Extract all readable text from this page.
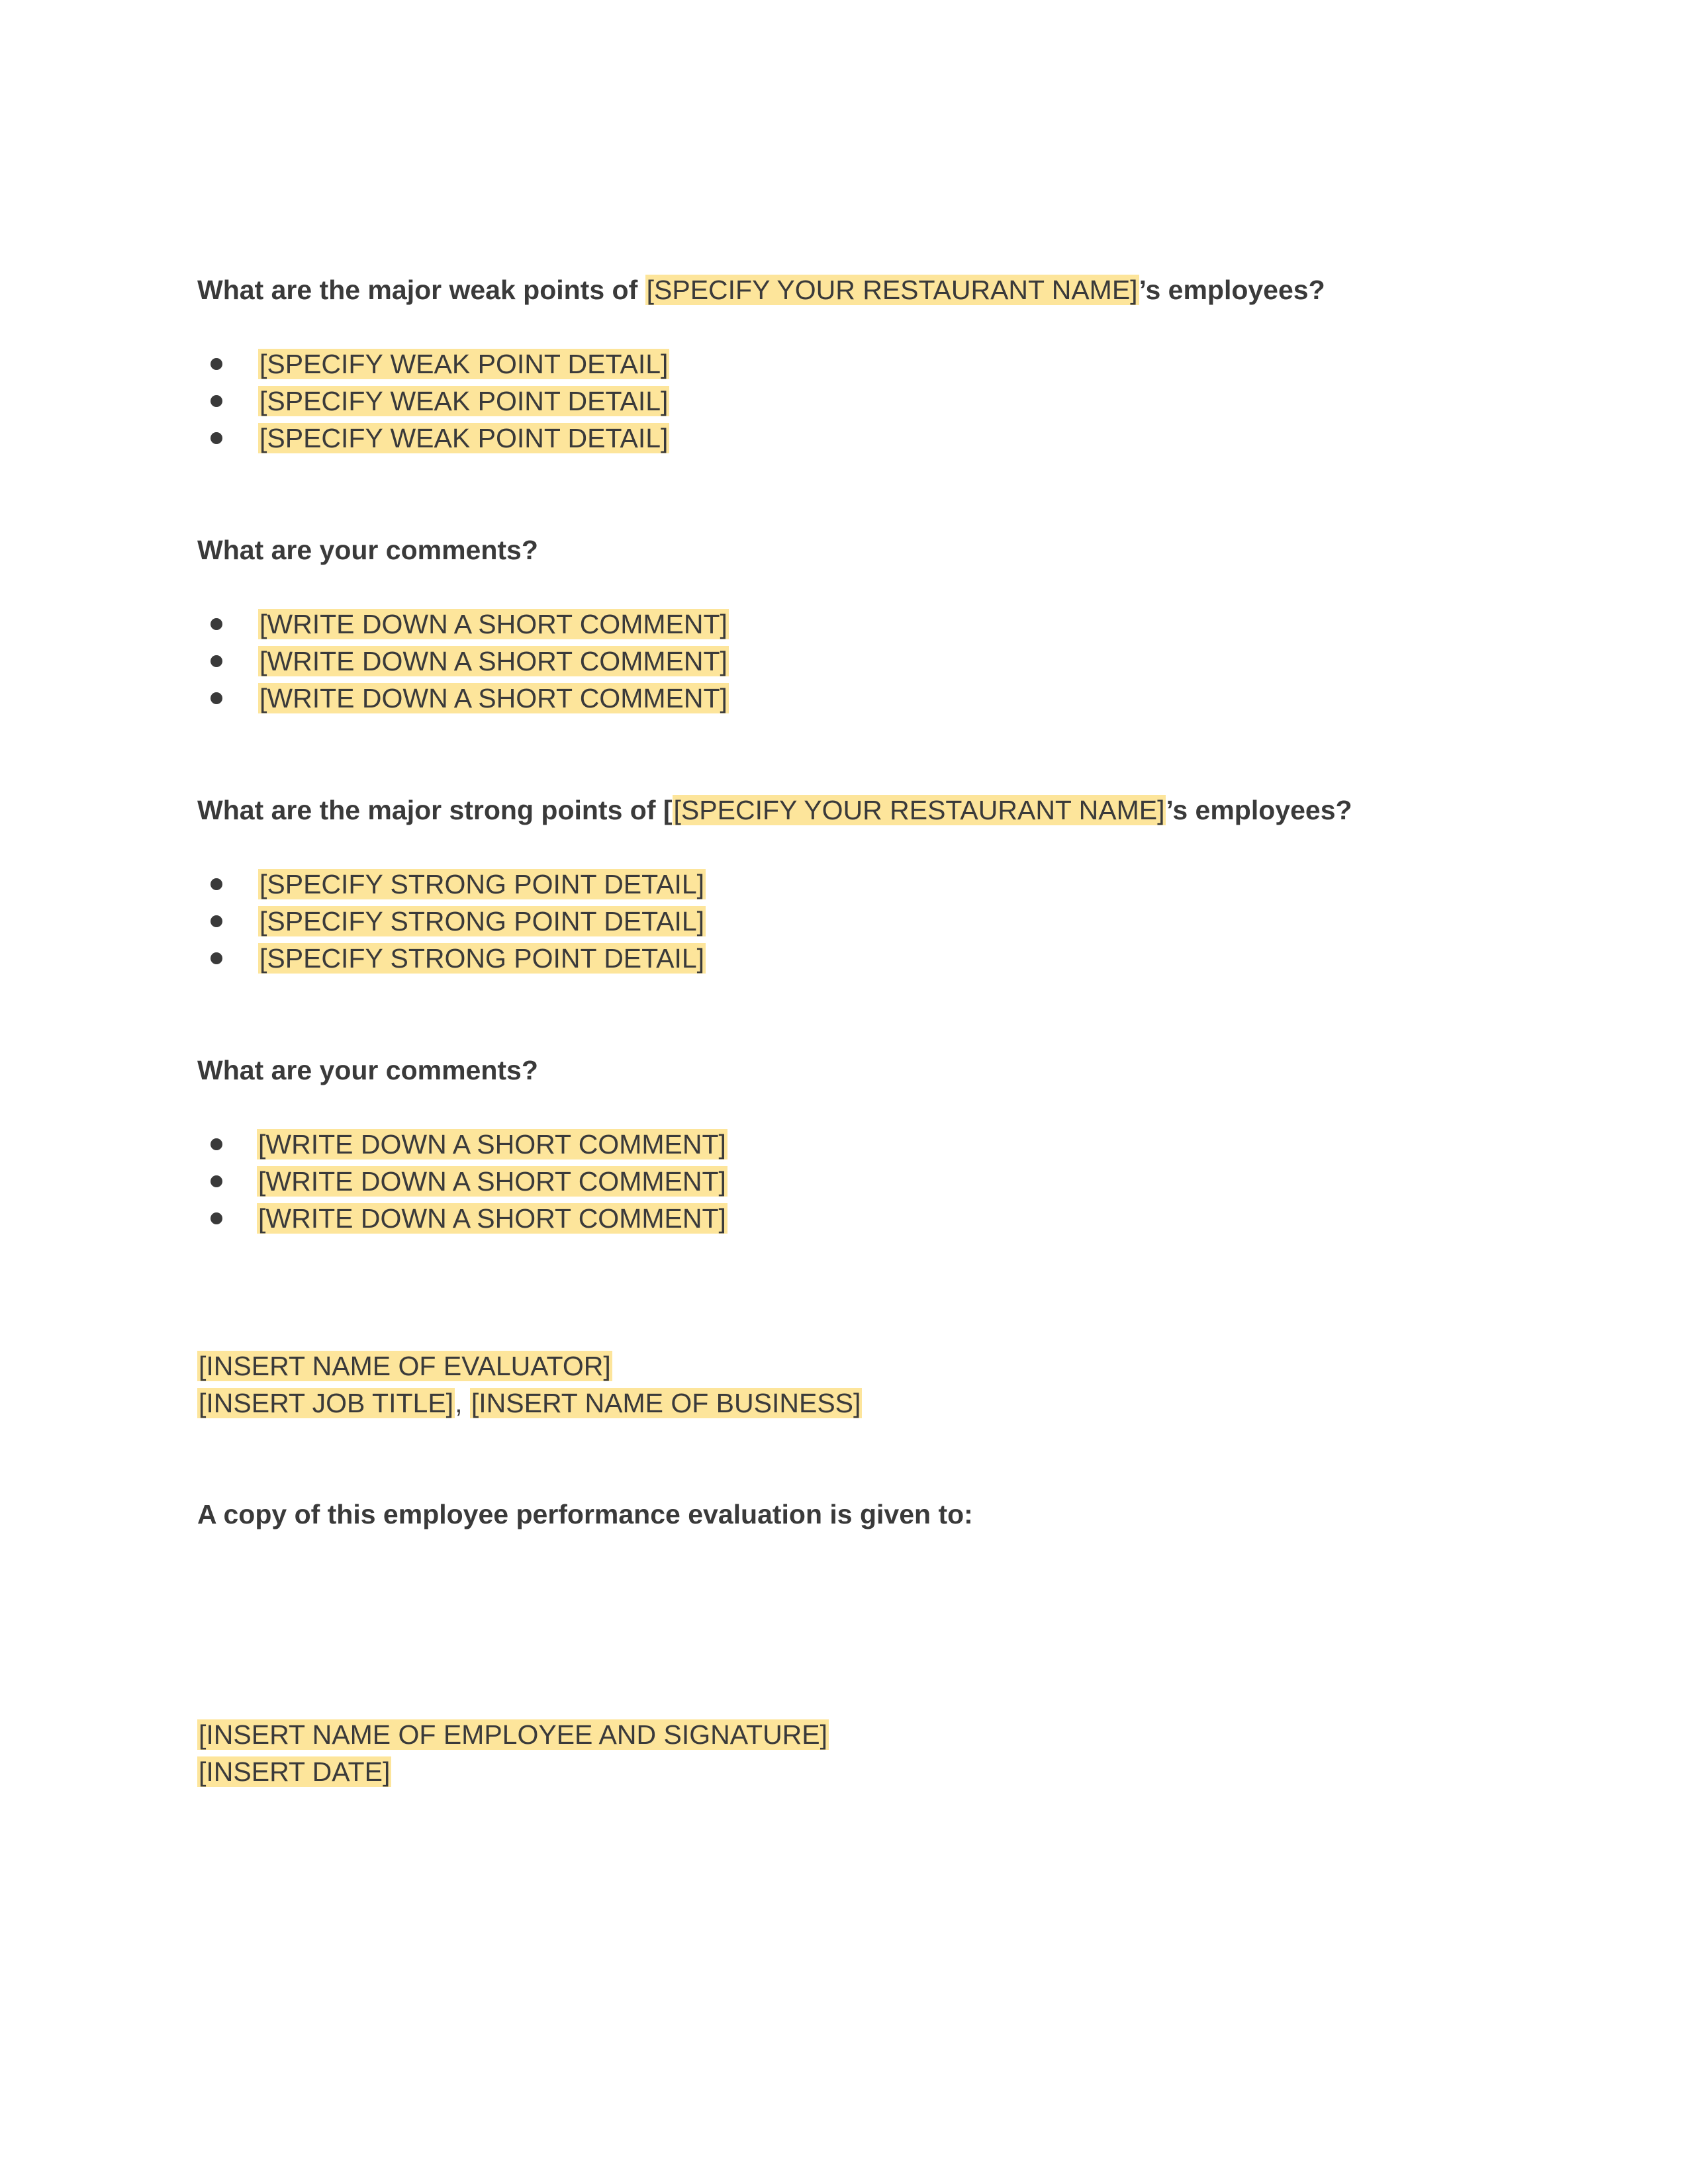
What are the major weak points of [SPECIFY YOUR RESTAURANT NAME]’s employees?
[SPECIFY WEAK POINT DETAIL]
[SPECIFY WEAK POINT DETAIL]
[SPECIFY WEAK POINT DETAIL]
What are your comments?
[WRITE DOWN A SHORT COMMENT]
[WRITE DOWN A SHORT COMMENT]
[WRITE DOWN A SHORT COMMENT]
What are the major strong points of [[SPECIFY YOUR RESTAURANT NAME]’s employees?
[SPECIFY STRONG POINT DETAIL]
[SPECIFY STRONG POINT DETAIL]
[SPECIFY STRONG POINT DETAIL]
What are your comments?
[WRITE DOWN A SHORT COMMENT]
[WRITE DOWN A SHORT COMMENT]
[WRITE DOWN A SHORT COMMENT]
[INSERT NAME OF EVALUATOR]
[INSERT JOB TITLE], [INSERT NAME OF BUSINESS]
A copy of this employee performance evaluation is given to:
[INSERT NAME OF EMPLOYEE AND SIGNATURE]
[INSERT DATE]
